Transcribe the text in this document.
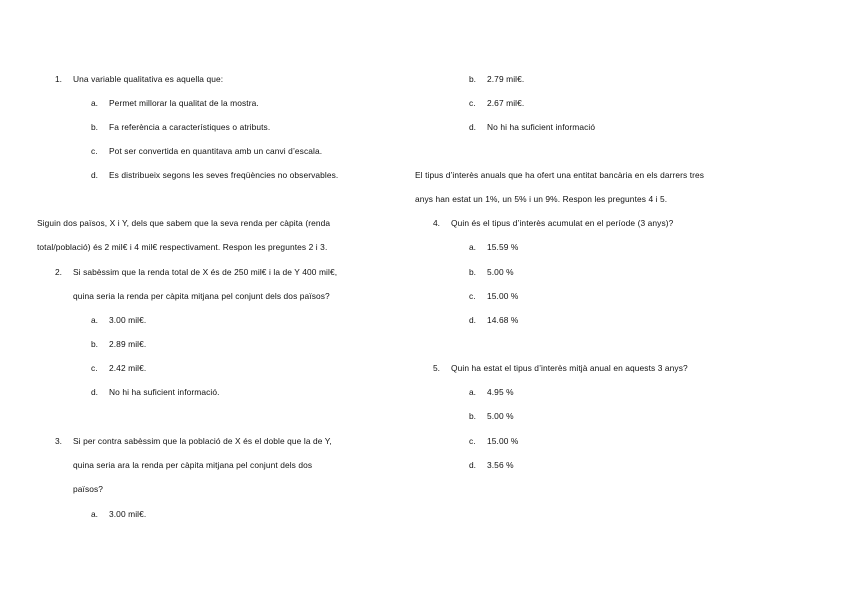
1. Una variable qualitativa es aquella que:
a. Permet millorar la qualitat de la mostra.
b. Fa referència a característiques o atributs.
c. Pot ser convertida en quantitava amb un canvi d’escala.
d. Es distribueix segons les seves freqüències no observables.
Siguin dos països, X i Y, dels que sabem que la seva renda per càpita (renda
total/població) és 2 mil€ i 4 mil€ respectivament. Respon les preguntes 2 i 3.
2. Si sabèssim que la renda total de X és de 250 mil€ i la de Y 400 mil€,
quina seria la renda per càpita mitjana pel conjunt dels dos països?
a. 3.00 mil€.
b. 2.89 mil€.
c. 2.42 mil€.
d. No hi ha suficient informació.
3. Si per contra sabèssim que la població de X és el doble que la de Y,
quina seria ara la renda per càpita mitjana pel conjunt dels dos
països?
a. 3.00 mil€.
b. 2.79 mil€.
c. 2.67 mil€.
d. No hi ha suficient informació
El tipus d’interès anuals que ha ofert una entitat bancària en els darrers tres
anys han estat un 1%, un 5% i un 9%. Respon les preguntes 4 i 5.
4. Quin és el tipus d’interès acumulat en el període (3 anys)?
a. 15.59 %
b. 5.00 %
c. 15.00 %
d. 14.68 %
5. Quin ha estat el tipus d’interès mitjà anual en aquests 3 anys?
a. 4.95 %
b. 5.00 %
c. 15.00 %
d. 3.56 %
